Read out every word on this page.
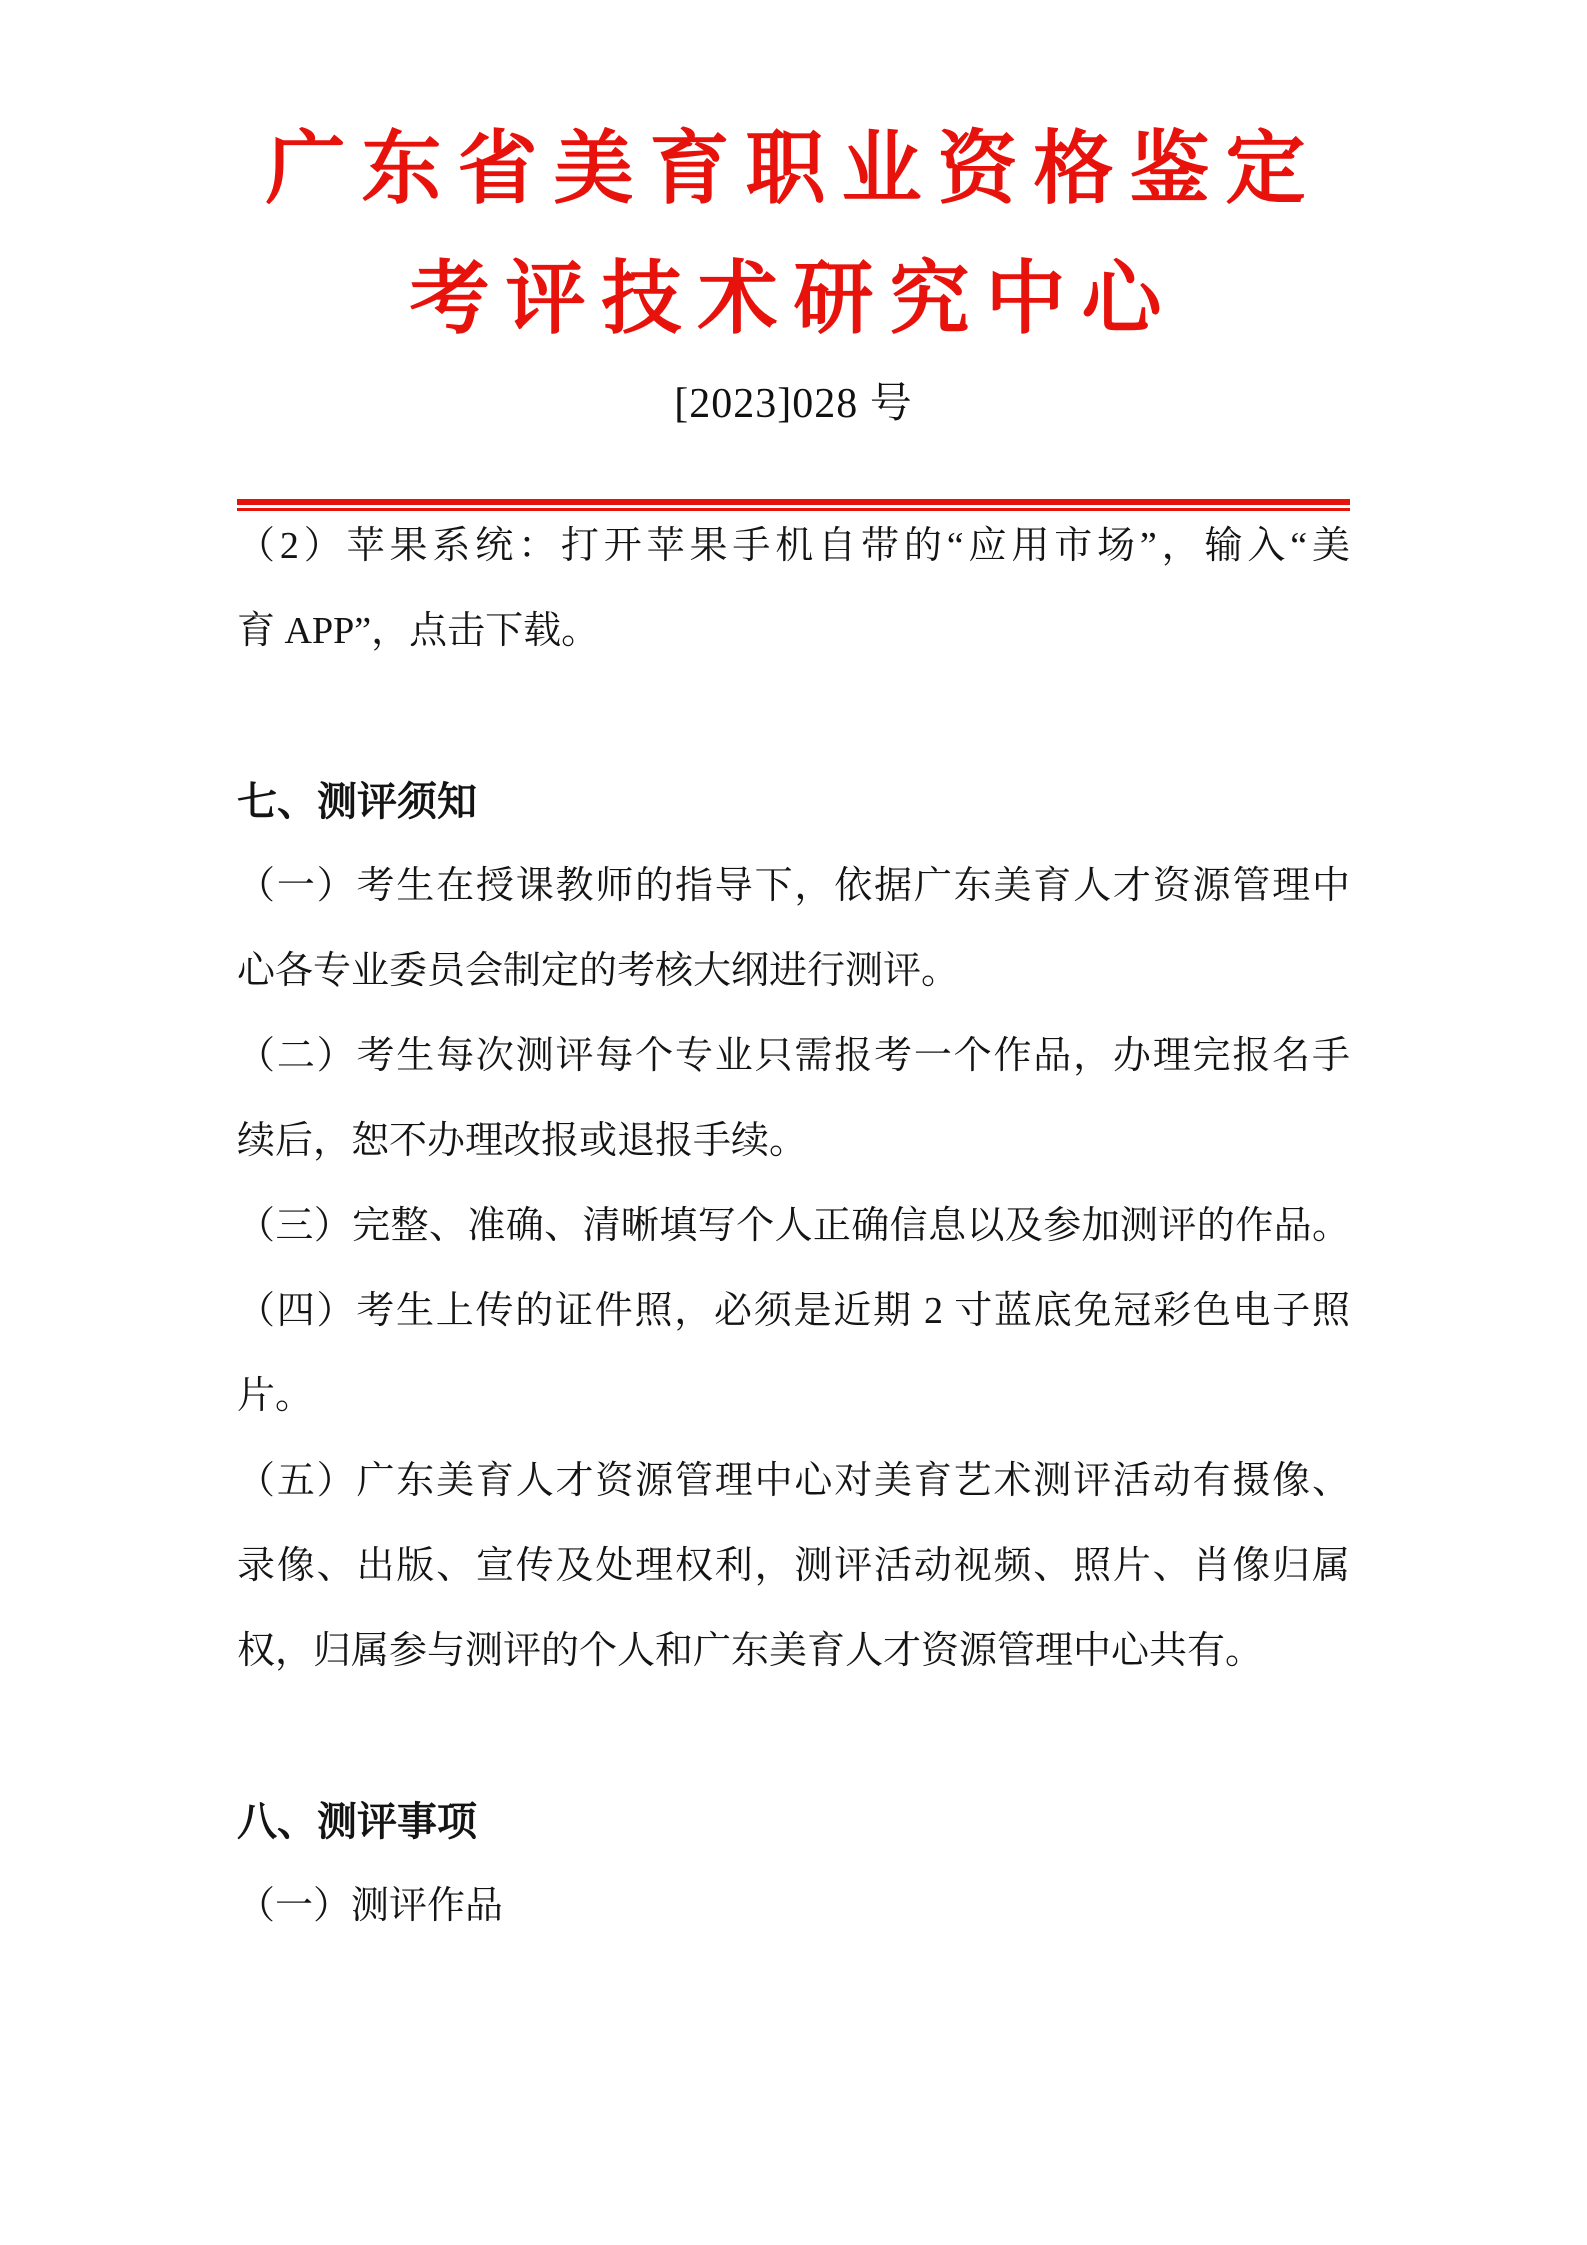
广东省美育职业资格鉴定
考评技术研究中心
[2023]028 号
（2）苹果系统：打开苹果手机自带的“应用市场”，输入“美
育 APP”，点击下载。
七、测评须知
（一）考生在授课教师的指导下，依据广东美育人才资源管理中
心各专业委员会制定的考核大纲进行测评。
（二）考生每次测评每个专业只需报考一个作品，办理完报名手
续后，恕不办理改报或退报手续。
（三）完整、准确、清晰填写个人正确信息以及参加测评的作品。
（四）考生上传的证件照，必须是近期 2 寸蓝底免冠彩色电子照
片。
（五）广东美育人才资源管理中心对美育艺术测评活动有摄像、
录像、出版、宣传及处理权利，测评活动视频、照片、肖像归属
权，归属参与测评的个人和广东美育人才资源管理中心共有。
八、测评事项
（一）测评作品
